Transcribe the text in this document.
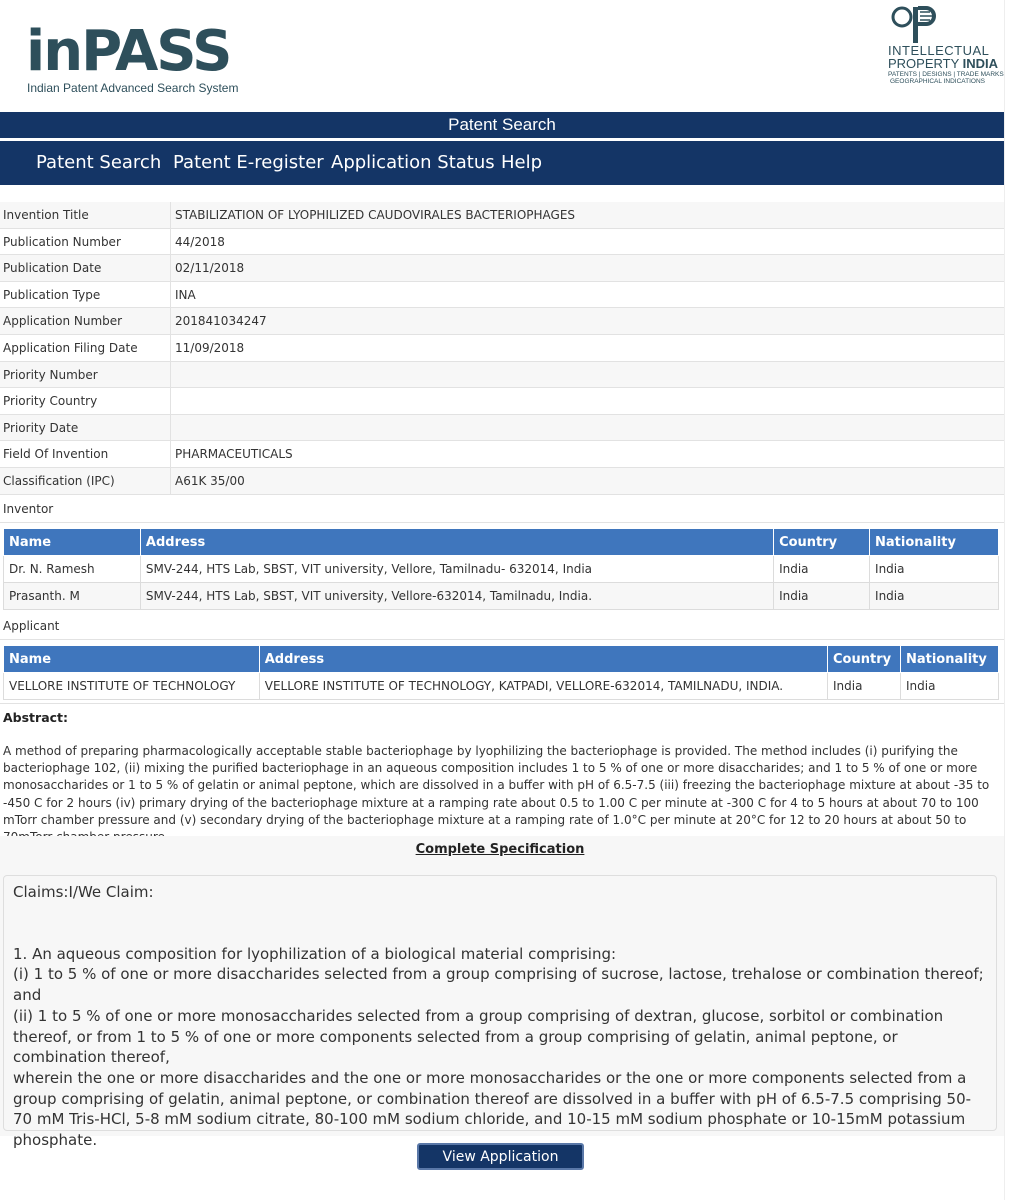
inPASS
Indian Patent Advanced Search System
INTELLECTUAL
PROPERTY INDIA
PATENTS | DESIGNS | TRADE MARKS
GEOGRAPHICAL INDICATIONS
Patent Search
Patent Search Patent E-register Application Status Help
Invention Title	STABILIZATION OF LYOPHILIZED CAUDOVIRALES BACTERIOPHAGES
Publication Number	44/2018
Publication Date	02/11/2018
Publication Type	INA
Application Number	201841034247
Application Filing Date	11/09/2018
Priority Number
Priority Country
Priority Date
Field Of Invention	PHARMACEUTICALS
Classification (IPC)	A61K 35/00
Inventor
Name	Address	Country	Nationality
Dr. N. Ramesh	SMV-244, HTS Lab, SBST, VIT university, Vellore, Tamilnadu- 632014, India	India	India
Prasanth. M	SMV-244, HTS Lab, SBST, VIT university, Vellore-632014, Tamilnadu, India.	India	India
Applicant
Name	Address	Country	Nationality
VELLORE INSTITUTE OF TECHNOLOGY	VELLORE INSTITUTE OF TECHNOLOGY, KATPADI, VELLORE-632014, TAMILNADU, INDIA.	India	India
Abstract:
A method of preparing pharmacologically acceptable stable bacteriophage by lyophilizing the bacteriophage is provided. The method includes (i) purifying the bacteriophage 102, (ii) mixing the purified bacteriophage in an aqueous composition includes 1 to 5 % of one or more disaccharides; and 1 to 5 % of one or more monosaccharides or 1 to 5 % of gelatin or animal peptone, which are dissolved in a buffer with pH of 6.5-7.5 (iii) freezing the bacteriophage mixture at about -35 to -450 C for 2 hours (iv) primary drying of the bacteriophage mixture at a ramping rate about 0.5 to 1.00 C per minute at -300 C for 4 to 5 hours at about 70 to 100 mTorr chamber pressure and (v) secondary drying of the bacteriophage mixture at a ramping rate of 1.0°C per minute at 20°C for 12 to 20 hours at about 50 to
Complete Specification

Claims:I/We Claim:

1. An aqueous composition for lyophilization of a biological material comprising:

(i) 1 to 5 % of one or more disaccharides selected from a group comprising of sucrose, lactose, trehalose or combination thereof; and

(ii) 1 to 5 % of one or more monosaccharides selected from a group comprising of dextran, glucose, sorbitol or combination thereof, or from 1 to 5 % of one or more components selected from a group comprising of gelatin, animal peptone, or combination thereof,

wherein the one or more disaccharides and the one or more monosaccharides or the one or more components selected from a group comprising of gelatin, animal peptone, or combination thereof are dissolved in a buffer with pH of 6.5-7.5 comprising 50-70 mM Tris-HCl, 5-8 mM sodium citrate, 80-100 mM sodium chloride, and 10-15 mM sodium phosphate or 10-15mM potassium phosphate.

View Application Status
